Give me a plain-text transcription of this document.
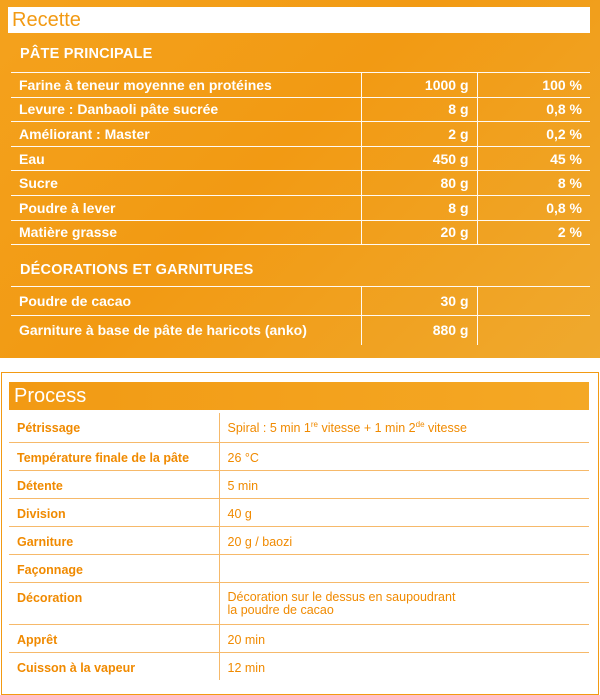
Recette
PÂTE PRINCIPALE
Farine à teneur moyenne en protéines	1000 g	100 %
Levure : Danbaoli pâte sucrée	8 g	0,8 %
Améliorant : Master	2 g	0,2 %
Eau	450 g	45 %
Sucre	80 g	8 %
Poudre à lever	8 g	0,8 %
Matière grasse	20 g	2 %
DÉCORATIONS ET GARNITURES
Poudre de cacao	30 g	
Garniture à base de pâte de haricots (anko)	880 g	
Process
Pétrissage	Spiral : 5 min 1re vitesse + 1 min 2de vitesse
Température finale de la pâte	26 °C
Détente	5 min
Division	40 g
Garniture	20 g / baozi
Façonnage	
Décoration	Décoration sur le dessus en saupoudrant
la poudre de cacao
Apprêt	20 min
Cuisson à la vapeur	12 min
